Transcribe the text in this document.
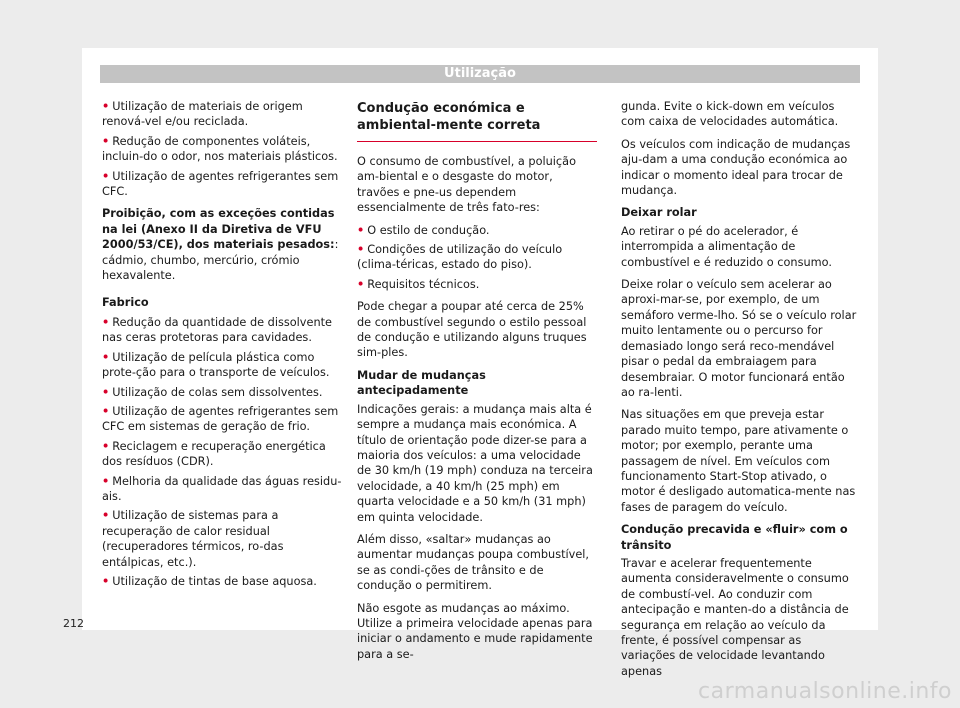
Utilização
• Utilização de materiais de origem renová-vel e/ou reciclada.
• Redução de componentes voláteis, incluin-do o odor, nos materiais plásticos.
• Utilização de agentes refrigerantes sem CFC.

Proibição, com as exceções contidas na lei (Anexo II da Diretiva de VFU 2000/53/CE), dos materiais pesados:: cádmio, chumbo, mercúrio, crómio hexavalente.

Fabrico

• Redução da quantidade de dissolvente nas ceras protetoras para cavidades.
• Utilização de película plástica como prote-ção para o transporte de veículos.
• Utilização de colas sem dissolventes.
• Utilização de agentes refrigerantes sem CFC em sistemas de geração de frio.
• Reciclagem e recuperação energética dos resíduos (CDR).
• Melhoria da qualidade das águas residu-ais.
• Utilização de sistemas para a recuperação de calor residual (recuperadores térmicos, ro-das entálpicas, etc.).
• Utilização de tintas de base aquosa.
Condução económica e ambiental-mente correta

O consumo de combustível, a poluição am-biental e o desgaste do motor, travões e pne-us dependem essencialmente de três fato-res:

• O estilo de condução.
• Condições de utilização do veículo (clima-téricas, estado do piso).
• Requisitos técnicos.

Pode chegar a poupar até cerca de 25% de combustível segundo o estilo pessoal de condução e utilizando alguns truques sim-ples.

Mudar de mudanças antecipadamente

Indicações gerais: a mudança mais alta é sempre a mudança mais económica. A título de orientação pode dizer-se para a maioria dos veículos: a uma velocidade de 30 km/h (19 mph) conduza na terceira velocidade, a 40 km/h (25 mph) em quarta velocidade e a 50 km/h (31 mph) em quinta velocidade.

Além disso, «saltar» mudanças ao aumentar mudanças poupa combustível, se as condi-ções de trânsito e de condução o permitirem.

Não esgote as mudanças ao máximo. Utilize a primeira velocidade apenas para iniciar o andamento e mude rapidamente para a se-

gunda. Evite o kick-down em veículos com caixa de velocidades automática.

Os veículos com indicação de mudanças aju-dam a uma condução económica ao indicar o momento ideal para trocar de mudança.

Deixar rolar

Ao retirar o pé do acelerador, é interrompida a alimentação de combustível e é reduzido o consumo.

Deixe rolar o veículo sem acelerar ao aproxi-mar-se, por exemplo, de um semáforo verme-lho. Só se o veículo rolar muito lentamente ou o percurso for demasiado longo será reco-mendável pisar o pedal da embraiagem para desembraiar. O motor funcionará então ao ra-lenti.

Nas situações em que preveja estar parado muito tempo, pare ativamente o motor; por exemplo, perante uma passagem de nível. Em veículos com funcionamento Start-Stop ativado, o motor é desligado automatica-mente nas fases de paragem do veículo.

Condução precavida e «fluir» com o trânsito

Travar e acelerar frequentemente aumenta consideravelmente o consumo de combustí-vel. Ao conduzir com antecipação e manten-do a distância de segurança em relação ao veículo da frente, é possível compensar as variações de velocidade levantando apenas

212
carmanualsonline.info
